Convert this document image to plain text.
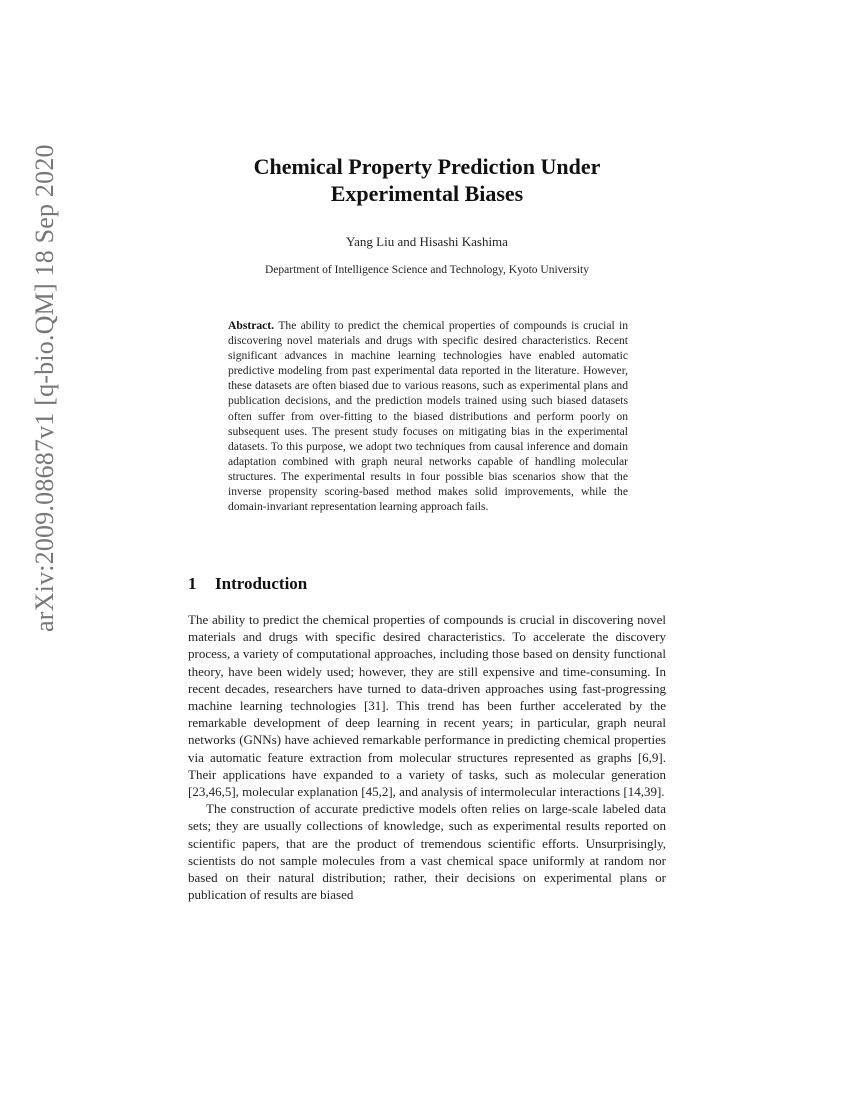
arXiv:2009.08687v1 [q-bio.QM] 18 Sep 2020	Chemical Property Prediction Under Experimental Biases
Yang Liu and Hisashi Kashima
Department of Intelligence Science and Technology, Kyoto University
Abstract. The ability to predict the chemical properties of compounds is crucial in discovering novel materials and drugs with specific desired characteristics. Recent significant advances in machine learning technologies have enabled automatic predictive modeling from past experimental data reported in the literature. However, these datasets are often biased due to various reasons, such as experimental plans and publication decisions, and the prediction models trained using such biased datasets often suffer from over-fitting to the biased distributions and perform poorly on subsequent uses. The present study focuses on mitigating bias in the experimental datasets. To this purpose, we adopt two techniques from causal inference and domain adaptation combined with graph neural networks capable of handling molecular structures. The experimental results in four possible bias scenarios show that the inverse propensity scoring-based method makes solid improvements, while the domain-invariant representation learning approach fails.
1 Introduction

The ability to predict the chemical properties of compounds is crucial in discovering novel materials and drugs with specific desired characteristics. To accelerate the discovery process, a variety of computational approaches, including those based on density functional theory, have been widely used; however, they are still expensive and time-consuming. In recent decades, researchers have turned to data-driven approaches using fast-progressing machine learning technologies [31]. This trend has been further accelerated by the remarkable development of deep learning in recent years; in particular, graph neural networks (GNNs) have achieved remarkable performance in predicting chemical properties via automatic feature extraction from molecular structures represented as graphs [6,9]. Their applications have expanded to a variety of tasks, such as molecular generation [23,46,5], molecular explanation [45,2], and analysis of intermolecular interactions [14,39].

The construction of accurate predictive models often relies on large-scale labeled data sets; they are usually collections of knowledge, such as experimental results reported on scientific papers, that are the product of tremendous scientific efforts. Unsurprisingly, scientists do not sample molecules from a vast chemical space uniformly at random nor based on their natural distribution; rather, their decisions on experimental plans or publication of results are biased
